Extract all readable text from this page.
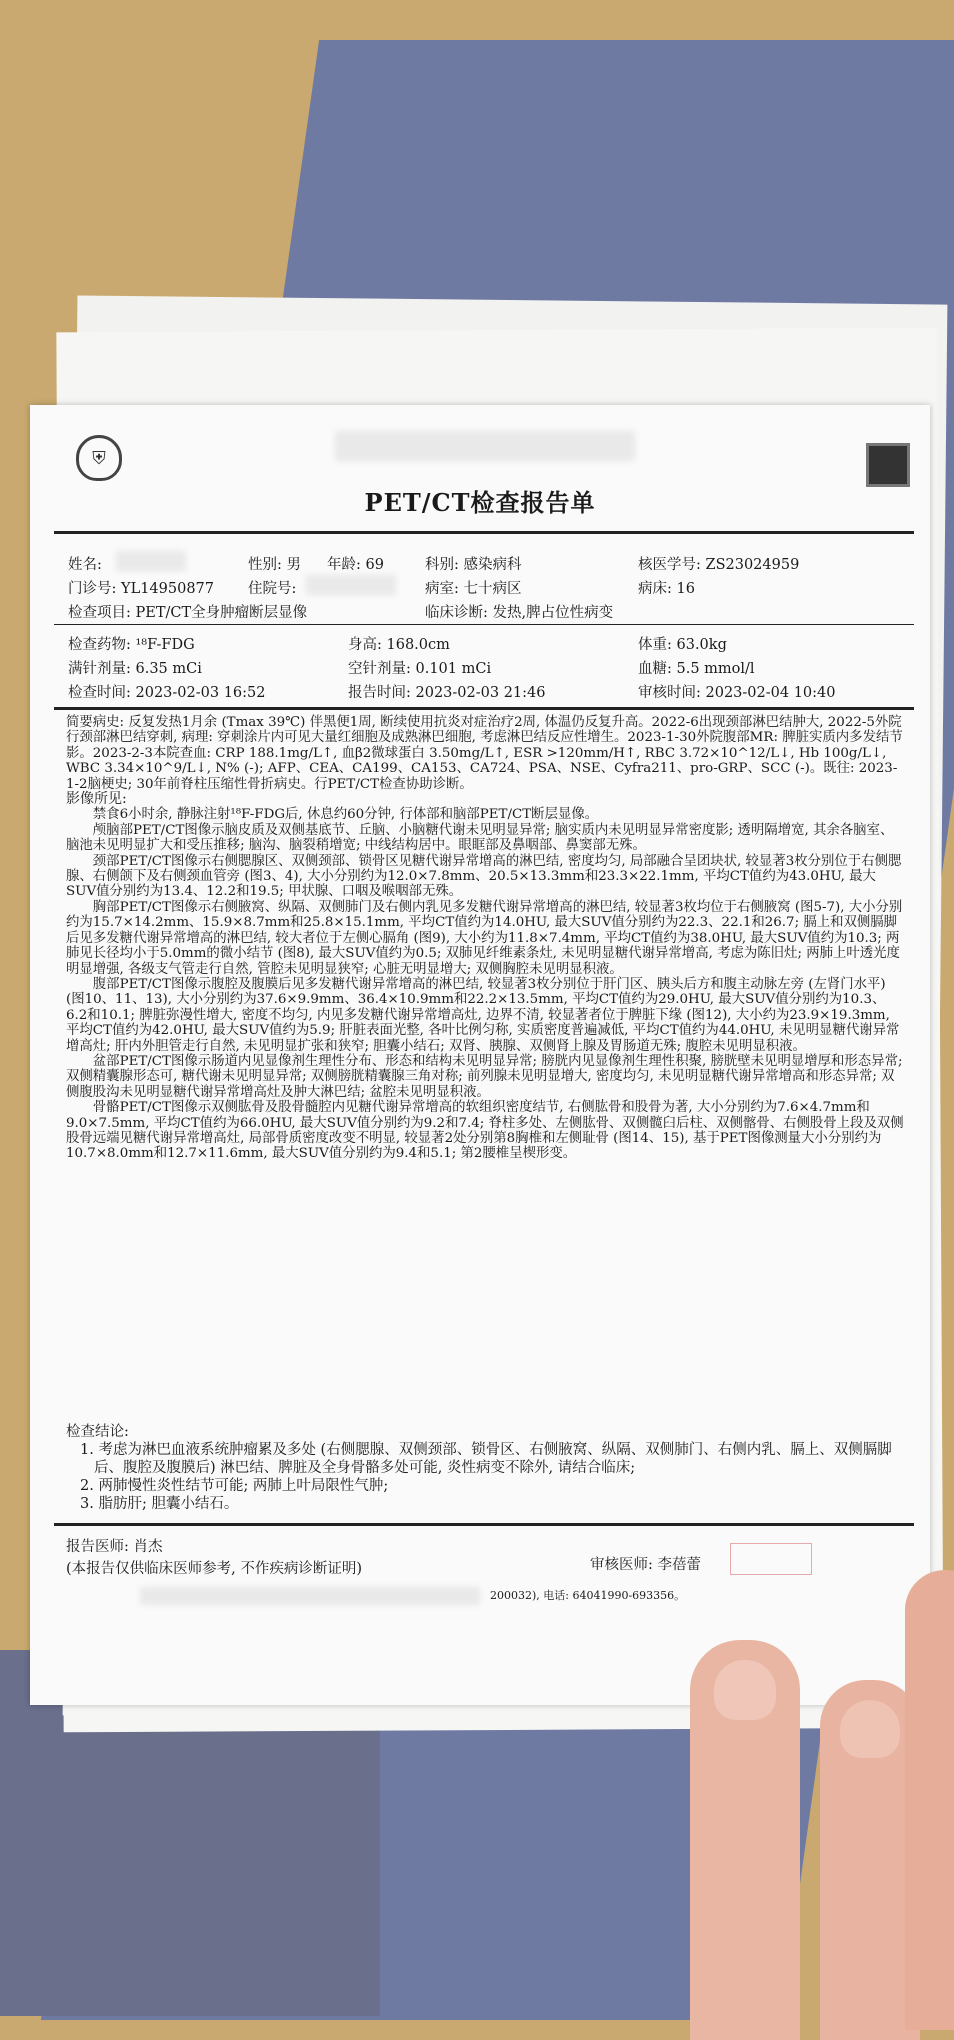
⛨
PET/CT检查报告单
姓名:	性别: 男 年龄: 69	科别: 感染病科	核医学号: ZS23024959
门诊号: YL14950877 住院号:	病室: 七十病区	病床: 16
检查项目: PET/CT全身肿瘤断层显像	临床诊断: 发热,脾占位性病变
检查药物: ¹⁸F-FDG	身高: 168.0cm	体重: 63.0kg
满针剂量: 6.35 mCi	空针剂量: 0.101 mCi	血糖: 5.5 mmol/l
检查时间: 2023-02-03 16:52	报告时间: 2023-02-03 21:46	审核时间: 2023-02-04 10:40

简要病史: 反复发热1月余 (Tmax 39℃) 伴黑便1周, 断续使用抗炎对症治疗2周, 体温仍反复升高。2022-6出现颈部淋巴结肿大, 2022-5外院行颈部淋巴结穿刺, 病理: 穿刺涂片内可见大量红细胞及成熟淋巴细胞, 考虑淋巴结反应性增生。2023-1-30外院腹部MR: 脾脏实质内多发结节影。2023-2-3本院查血: CRP 188.1mg/L↑, 血β2微球蛋白 3.50mg/L↑, ESR >120mm/H↑, RBC 3.72×10^12/L↓, Hb 100g/L↓, WBC 3.34×10^9/L↓, N% (-); AFP、CEA、CA199、CA153、CA724、PSA、NSE、Cyfra211、pro-GRP、SCC (-)。既往: 2023-1-2脑梗史; 30年前脊柱压缩性骨折病史。行PET/CT检查协助诊断。

影像所见:

禁食6小时余, 静脉注射¹⁸F-FDG后, 休息约60分钟, 行体部和脑部PET/CT断层显像。

颅脑部PET/CT图像示脑皮质及双侧基底节、丘脑、小脑糖代谢未见明显异常; 脑实质内未见明显异常密度影; 透明隔增宽, 其余各脑室、脑池未见明显扩大和受压推移; 脑沟、脑裂稍增宽; 中线结构居中。眼眶部及鼻咽部、鼻窦部无殊。

颈部PET/CT图像示右侧腮腺区、双侧颈部、锁骨区见糖代谢异常增高的淋巴结, 密度均匀, 局部融合呈团块状, 较显著3枚分别位于右侧腮腺、右侧颌下及右侧颈血管旁 (图3、4), 大小分别约为12.0×7.8mm、20.5×13.3mm和23.3×22.1mm, 平均CT值约为43.0HU, 最大SUV值分别约为13.4、12.2和19.5; 甲状腺、口咽及喉咽部无殊。

胸部PET/CT图像示右侧腋窝、纵隔、双侧肺门及右侧内乳见多发糖代谢异常增高的淋巴结, 较显著3枚均位于右侧腋窝 (图5-7), 大小分别约为15.7×14.2mm、15.9×8.7mm和25.8×15.1mm, 平均CT值约为14.0HU, 最大SUV值分别约为22.3、22.1和26.7; 膈上和双侧膈脚后见多发糖代谢异常增高的淋巴结, 较大者位于左侧心膈角 (图9), 大小约为11.8×7.4mm, 平均CT值约为38.0HU, 最大SUV值约为10.3; 两肺见长径均小于5.0mm的微小结节 (图8), 最大SUV值约为0.5; 双肺见纤维素条灶, 未见明显糖代谢异常增高, 考虑为陈旧灶; 两肺上叶透光度明显增强, 各级支气管走行自然, 管腔未见明显狭窄; 心脏无明显增大; 双侧胸腔未见明显积液。

腹部PET/CT图像示腹腔及腹膜后见多发糖代谢异常增高的淋巴结, 较显著3枚分别位于肝门区、胰头后方和腹主动脉左旁 (左肾门水平) (图10、11、13), 大小分别约为37.6×9.9mm、36.4×10.9mm和22.2×13.5mm, 平均CT值约为29.0HU, 最大SUV值分别约为10.3、6.2和10.1; 脾脏弥漫性增大, 密度不均匀, 内见多发糖代谢异常增高灶, 边界不清, 较显著者位于脾脏下缘 (图12), 大小约为23.9×19.3mm, 平均CT值约为42.0HU, 最大SUV值约为5.9; 肝脏表面光整, 各叶比例匀称, 实质密度普遍减低, 平均CT值约为44.0HU, 未见明显糖代谢异常增高灶; 肝内外胆管走行自然, 未见明显扩张和狭窄; 胆囊小结石; 双肾、胰腺、双侧肾上腺及胃肠道无殊; 腹腔未见明显积液。

盆部PET/CT图像示肠道内见显像剂生理性分布、形态和结构未见明显异常; 膀胱内见显像剂生理性积聚, 膀胱壁未见明显增厚和形态异常; 双侧精囊腺形态可, 糖代谢未见明显异常; 双侧膀胱精囊腺三角对称; 前列腺未见明显增大, 密度均匀, 未见明显糖代谢异常增高和形态异常; 双侧腹股沟未见明显糖代谢异常增高灶及肿大淋巴结; 盆腔未见明显积液。

骨骼PET/CT图像示双侧肱骨及股骨髓腔内见糖代谢异常增高的软组织密度结节, 右侧肱骨和股骨为著, 大小分别约为7.6×4.7mm和9.0×7.5mm, 平均CT值约为66.0HU, 最大SUV值分别约为9.2和7.4; 脊柱多处、左侧肱骨、双侧髋臼后柱、双侧髂骨、右侧股骨上段及双侧股骨远端见糖代谢异常增高灶, 局部骨质密度改变不明显, 较显著2处分别第8胸椎和左侧耻骨 (图14、15), 基于PET图像测量大小分别约为10.7×8.0mm和12.7×11.6mm, 最大SUV值分别约为9.4和5.1; 第2腰椎呈楔形变。

检查结论:

1. 考虑为淋巴血液系统肿瘤累及多处 (右侧腮腺、双侧颈部、锁骨区、右侧腋窝、纵隔、双侧肺门、右侧内乳、膈上、双侧膈脚后、腹腔及腹膜后) 淋巴结、脾脏及全身骨骼多处可能, 炎性病变不除外, 请结合临床;

2. 两肺慢性炎性结节可能; 两肺上叶局限性气肿;

3. 脂肪肝; 胆囊小结石。

报告医师: 肖杰
(本报告仅供临床医师参考, 不作疾病诊断证明)	审核医师: 李蓓蕾
200032), 电话: 64041990-693356。
